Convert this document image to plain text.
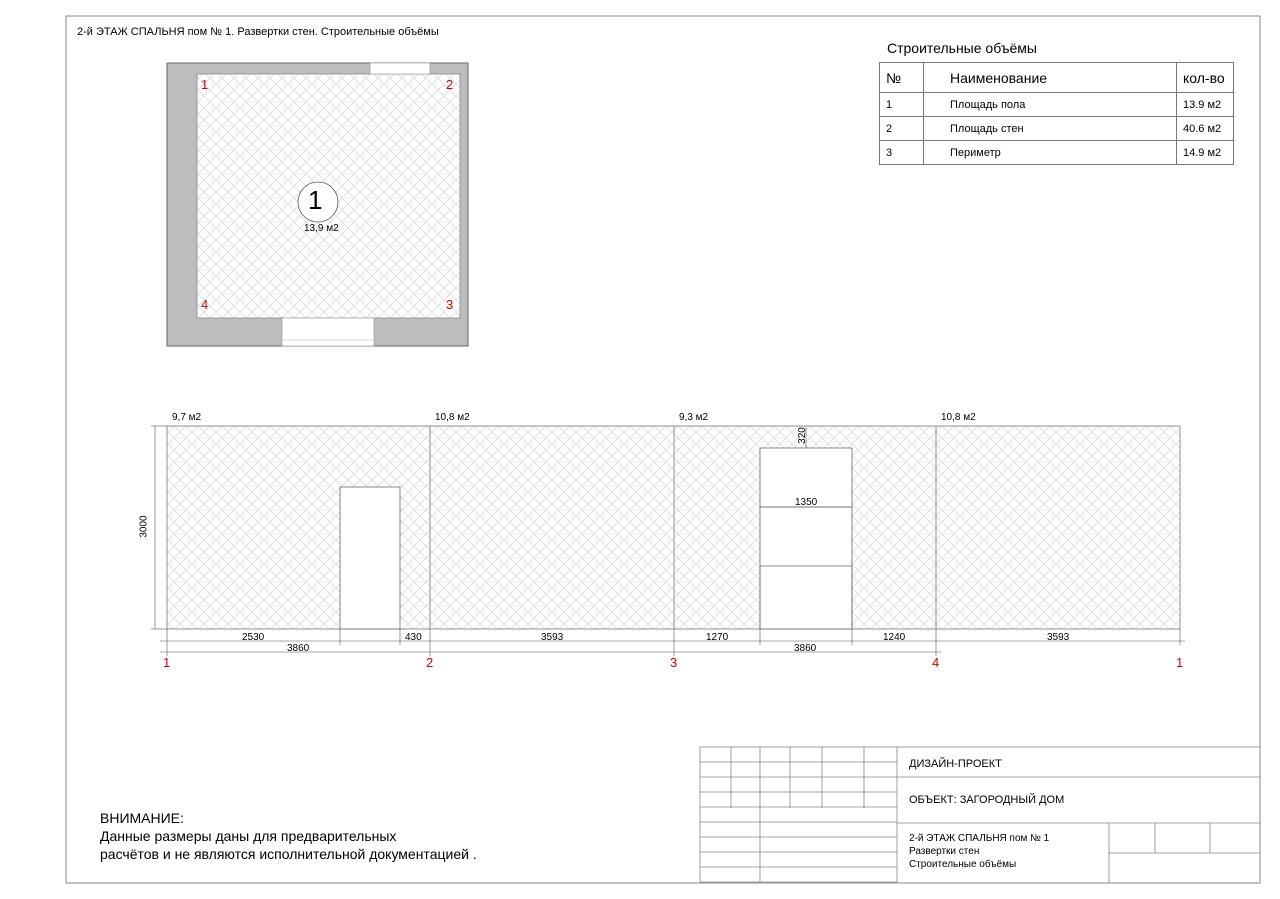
2-й ЭТАЖ СПАЛЬНЯ пом № 1. Развертки стен. Строительные объёмы
1	2
3
4
1
13,9 м2
Строительные объёмы
№	Наименование	кол-во
1	Площадь пола	13.9 м2
2	Площадь стен	40.6 м2
3	Периметр	14.9 м2
9,7 м2	10,8 м2	9,3 м2	10,8 м2
3000
320
1350
2530	430	3593	1270	1240	3593
3860	3860
1	2	3	4	1
ВНИМАНИЕ:
Данные размеры даны для предварительных
расчётов и не являются исполнительной документацией .
ДИЗАЙН-ПРОЕКТ
ОБЪЕКТ: ЗАГОРОДНЫЙ ДОМ
2-й ЭТАЖ СПАЛЬНЯ пом № 1
Развертки стен
Строительные объёмы
